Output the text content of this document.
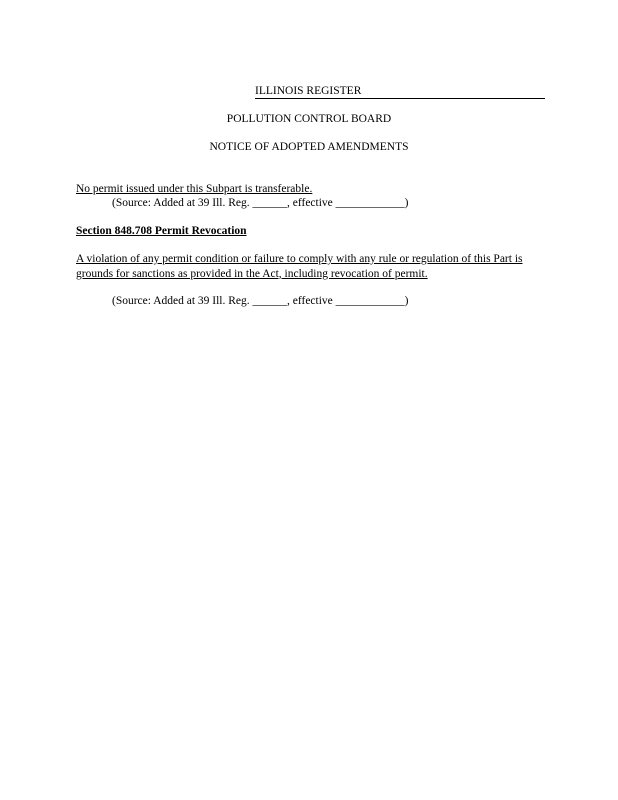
ILLINOIS REGISTER
POLLUTION CONTROL BOARD
NOTICE OF ADOPTED AMENDMENTS
No permit issued under this Subpart is transferable.
(Source: Added at 39 Ill. Reg. ______, effective ____________)
Section 848.708 Permit Revocation
A violation of any permit condition or failure to comply with any rule or regulation of this Part is grounds for sanctions as provided in the Act, including revocation of permit.
(Source: Added at 39 Ill. Reg. ______, effective ____________)
